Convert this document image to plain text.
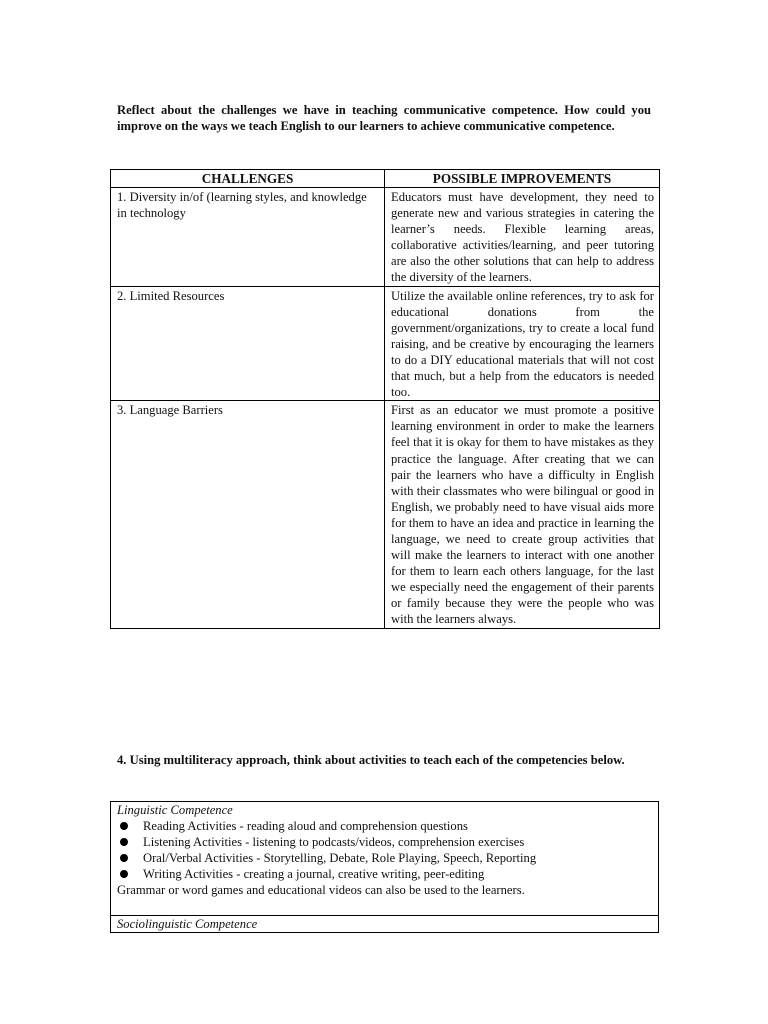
Reflect about the challenges we have in teaching communicative competence. How could you improve on the ways we teach English to our learners to achieve communicative competence.
CHALLENGES	POSSIBLE IMPROVEMENTS
1. Diversity in/of (learning styles, and knowledge in technology	Educators must have development, they need to generate new and various strategies in catering the learner’s needs. Flexible learning areas, collaborative activities/learning, and peer tutoring are also the other solutions that can help to address the diversity of the learners.
2. Limited Resources	Utilize the available online references, try to ask for educational donations from the government/organizations, try to create a local fund raising, and be creative by encouraging the learners to do a DIY educational materials that will not cost that much, but a help from the educators is needed too.
3. Language Barriers	First as an educator we must promote a positive learning environment in order to make the learners feel that it is okay for them to have mistakes as they practice the language. After creating that we can pair the learners who have a difficulty in English with their classmates who were bilingual or good in English, we probably need to have visual aids more for them to have an idea and practice in learning the language, we need to create group activities that will make the learners to interact with one another for them to learn each others language, for the last we especially need the engagement of their parents or family because they were the people who was with the learners always.
4. Using multiliteracy approach, think about activities to teach each of the competencies below.
Linguistic Competence
Reading Activities - reading aloud and comprehension questions
Listening Activities - listening to podcasts/videos, comprehension exercises
Oral/Verbal Activities - Storytelling, Debate, Role Playing, Speech, Reporting
Writing Activities - creating a journal, creative writing, peer-editing
Grammar or word games and educational videos can also be used to the learners.
Sociolinguistic Competence
